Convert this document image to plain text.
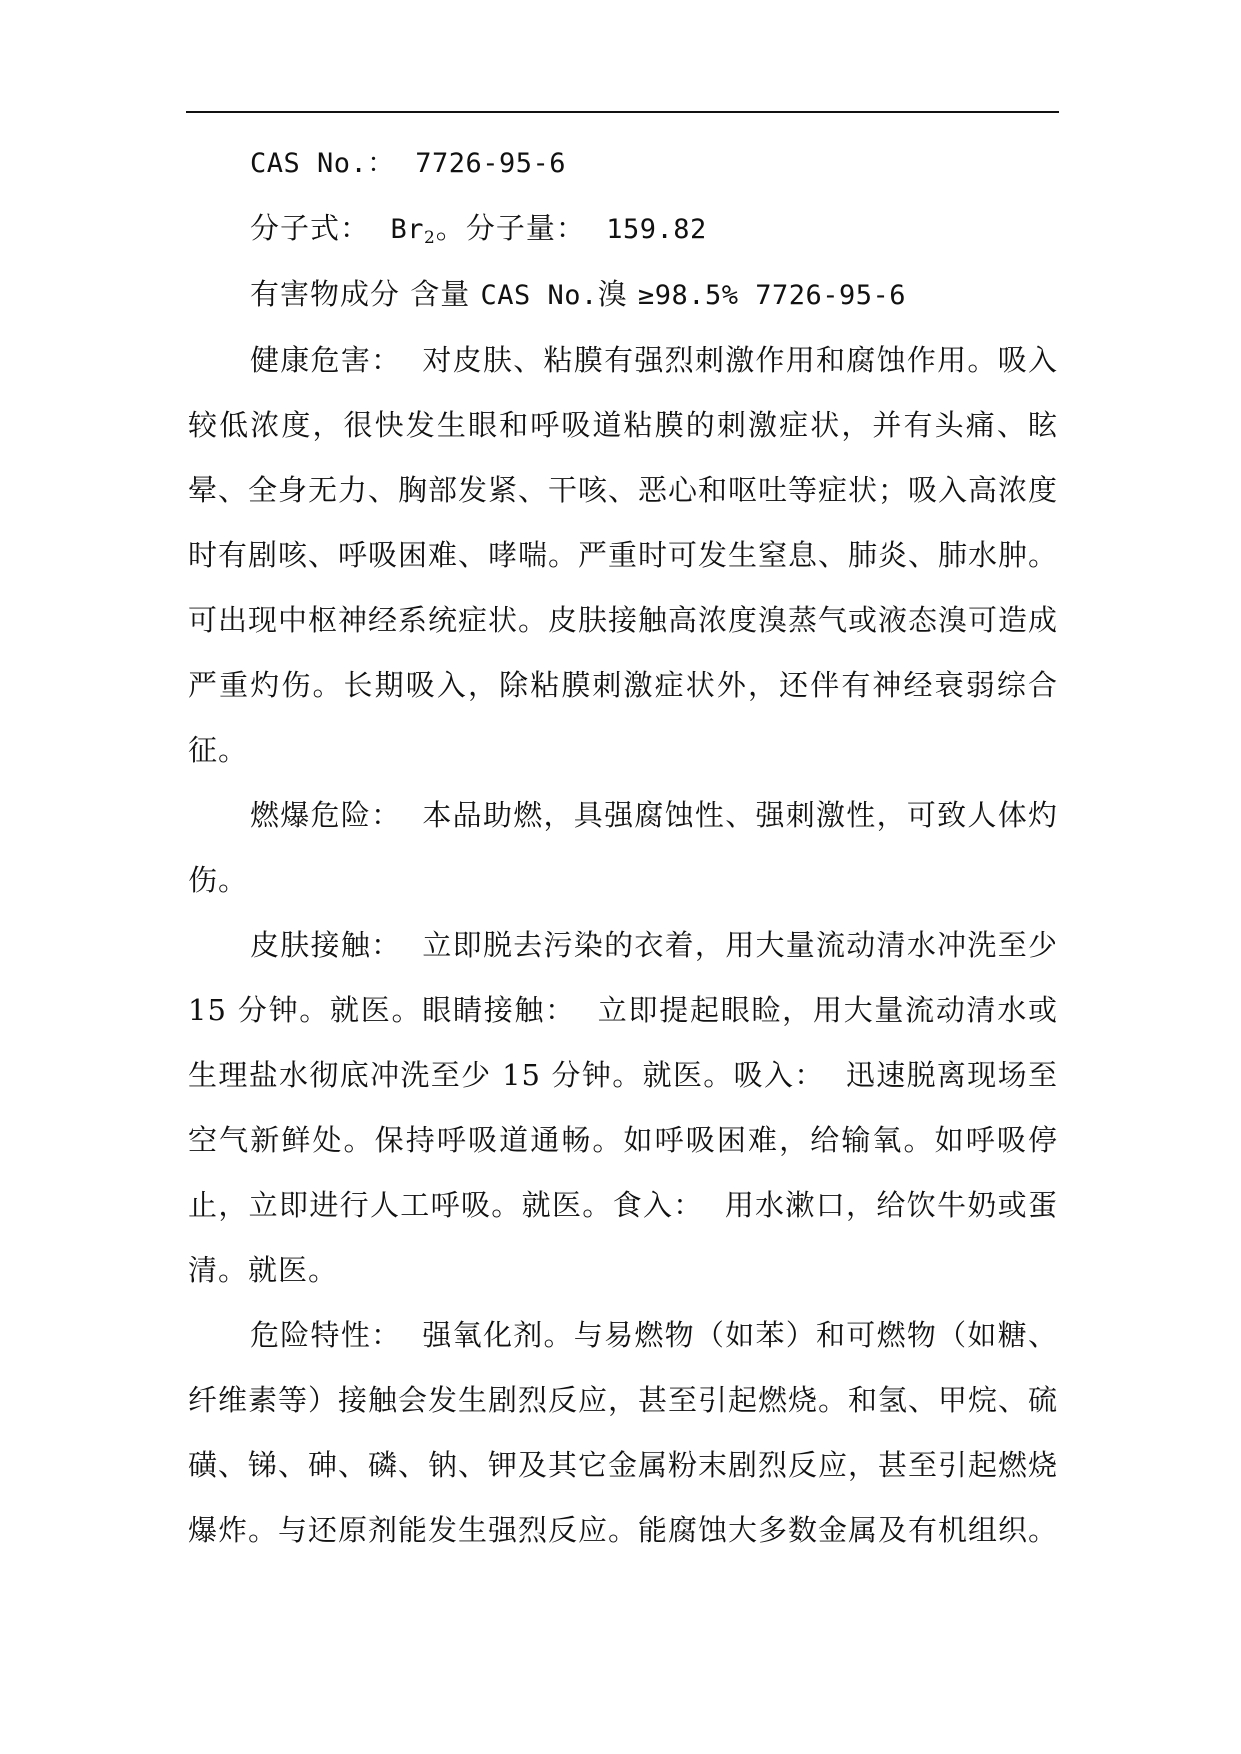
CAS No.： 7726-95-6

分子式： $Br_2$。分子量： 159.82

有害物成分 含量 CAS No.溴 ≥98.5% 7726-95-6

健康危害： 对皮肤、粘膜有强烈刺激作用和腐蚀作用。吸入较低浓度，很快发生眼和呼吸道粘膜的刺激症状，并有头痛、眩晕、全身无力、胸部发紧、干咳、恶心和呕吐等症状；吸入高浓度时有剧咳、呼吸困难、哮喘。严重时可发生窒息、肺炎、肺水肿。可出现中枢神经系统症状。皮肤接触高浓度溴蒸气或液态溴可造成严重灼伤。长期吸入，除粘膜刺激症状外，还伴有神经衰弱综合征。

燃爆危险： 本品助燃，具强腐蚀性、强刺激性，可致人体灼伤。

皮肤接触： 立即脱去污染的衣着，用大量流动清水冲洗至少 15 分钟。就医。眼睛接触： 立即提起眼睑，用大量流动清水或生理盐水彻底冲洗至少 15 分钟。就医。吸入： 迅速脱离现场至空气新鲜处。保持呼吸道通畅。如呼吸困难，给输氧。如呼吸停止，立即进行人工呼吸。就医。食入： 用水漱口，给饮牛奶或蛋清。就医。

危险特性： 强氧化剂。与易燃物（如苯）和可燃物（如糖、纤维素等）接触会发生剧烈反应，甚至引起燃烧。和氢、甲烷、硫磺、锑、砷、磷、钠、钾及其它金属粉末剧烈反应，甚至引起燃烧爆炸。与还原剂能发生强烈反应。能腐蚀大多数金属及有机组织。
